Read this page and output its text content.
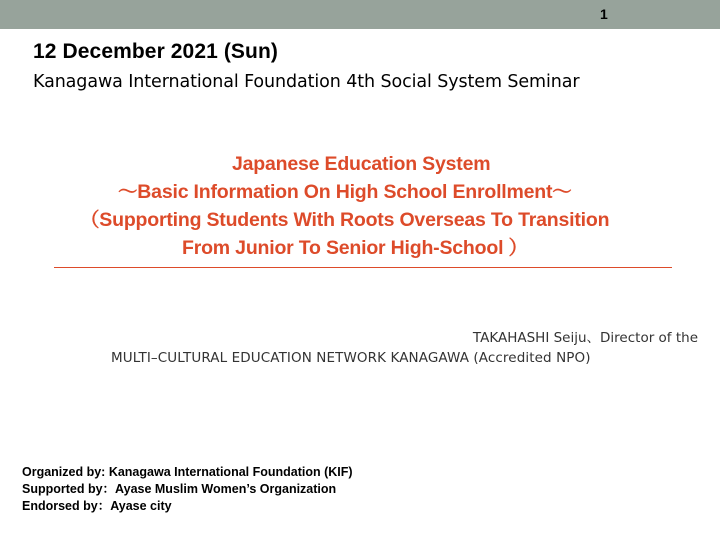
1
12 December 2021 (Sun)
Kanagawa International Foundation 4th Social System Seminar
Japanese Education System
～Basic Information On High School Enrollment～
（Supporting Students With Roots Overseas To Transition
From Junior To Senior High-School ）
TAKAHASHI Seiju、Director of the
MULTI–CULTURAL EDUCATION NETWORK KANAGAWA (Accredited NPO)
Organized by: Kanagawa International Foundation (KIF)
Supported by：Ayase Muslim Women’s Organization
Endorsed by：Ayase city
